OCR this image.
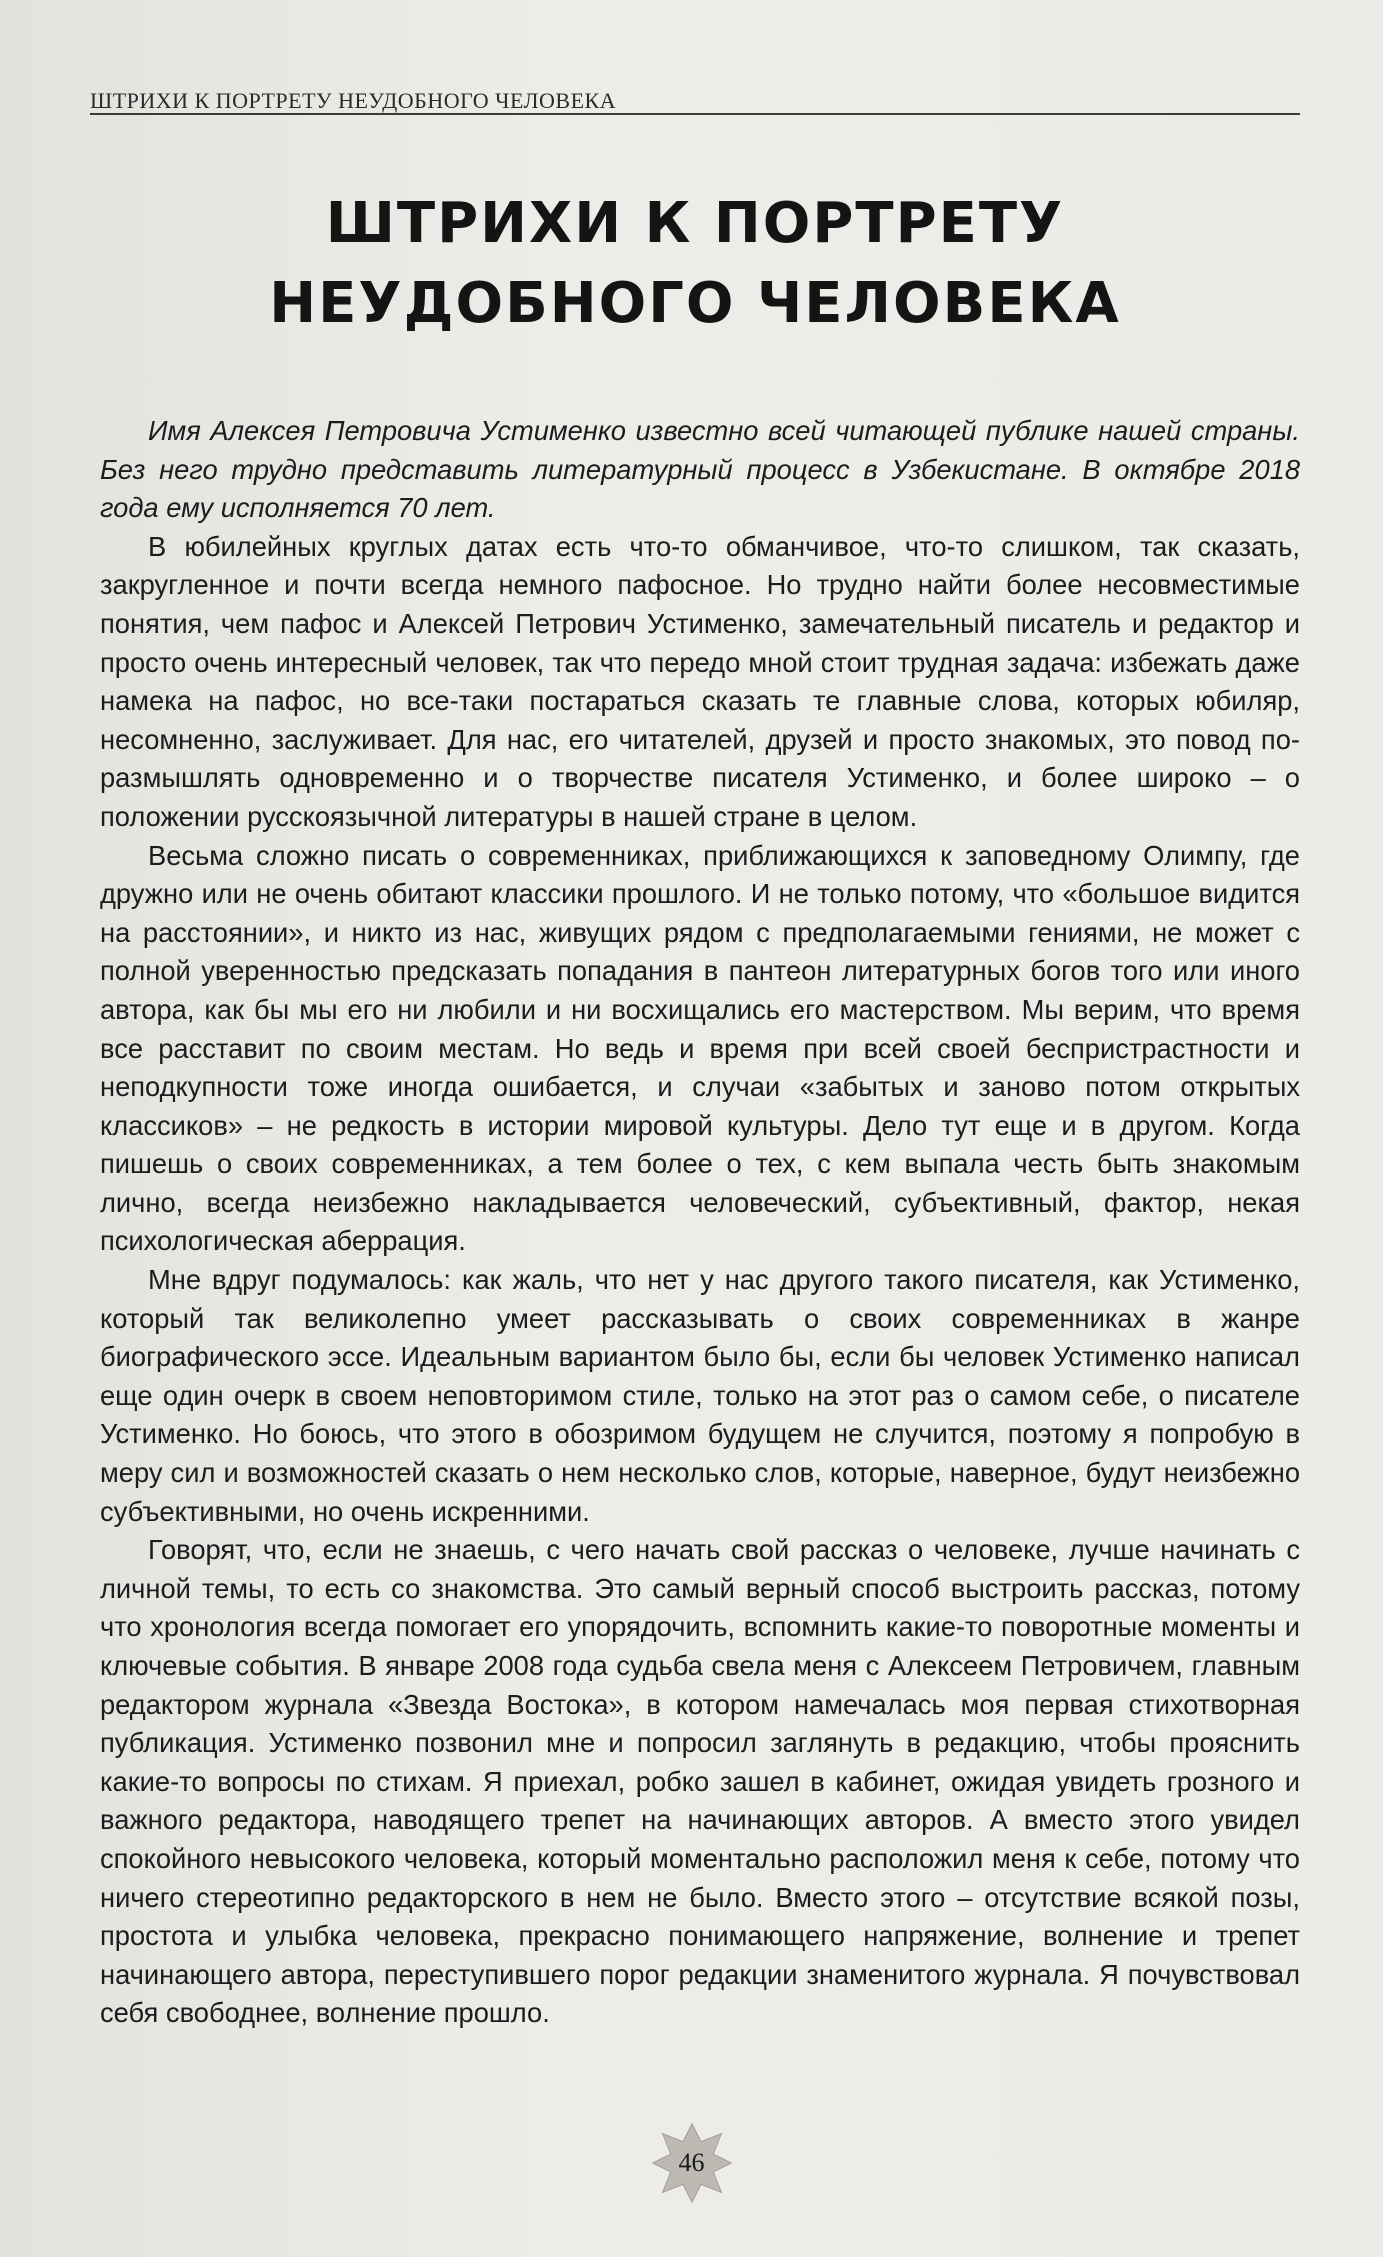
ШТРИХИ К ПОРТРЕТУ НЕУДОБНОГО ЧЕЛОВЕКА
ШТРИХИ К ПОРТРЕТУ
НЕУДОБНОГО ЧЕЛОВЕКА

Имя Алексея Петровича Устименко известно всей читающей публике нашей страны. Без него трудно представить литературный процесс в Узбекистане. В октябре 2018 года ему исполняется 70 лет.

В юбилейных круглых датах есть что-то обманчивое, что-то слишком, так сказать, закругленное и почти всегда немного пафосное. Но трудно найти более несовместимые понятия, чем пафос и Алексей Петрович Устименко, замечательный писатель и редактор и просто очень интересный человек, так что передо мной стоит трудная задача: избежать даже намека на пафос, но все-таки постараться сказать те главные слова, которых юбиляр, несомненно, заслуживает. Для нас, его читателей, друзей и просто знакомых, это повод поразмышлять одновременно и о творчестве писателя Устименко, и более широко – о положении русскоязычной литературы в нашей стране в целом.

Весьма сложно писать о современниках, приближающихся к заповедному Олимпу, где дружно или не очень обитают классики прошлого. И не только потому, что «большое видится на расстоянии», и никто из нас, живущих рядом с предполагаемыми гениями, не может с полной уверенностью предсказать попадания в пантеон литературных богов того или иного автора, как бы мы его ни любили и ни восхищались его мастерством. Мы верим, что время все расставит по своим местам. Но ведь и время при всей своей беспристрастности и неподкупности тоже иногда ошибается, и случаи «забытых и заново потом открытых классиков» – не редкость в истории мировой культуры. Дело тут еще и в другом. Когда пишешь о своих современниках, а тем более о тех, с кем выпала честь быть знакомым лично, всегда неизбежно накладывается человеческий, субъективный, фактор, некая психологическая аберрация.

Мне вдруг подумалось: как жаль, что нет у нас другого такого писателя, как Устименко, который так великолепно умеет рассказывать о своих современниках в жанре биографического эссе. Идеальным вариантом было бы, если бы человек Устименко написал еще один очерк в своем неповторимом стиле, только на этот раз о самом себе, о писателе Устименко. Но боюсь, что этого в обозримом будущем не случится, поэтому я попробую в меру сил и возможностей сказать о нем несколько слов, которые, наверное, будут неизбежно субъективными, но очень искренними.

Говорят, что, если не знаешь, с чего начать свой рассказ о человеке, лучше начинать с личной темы, то есть со знакомства. Это самый верный способ выстроить рассказ, потому что хронология всегда помогает его упорядочить, вспомнить какие-то поворотные моменты и ключевые события. В январе 2008 года судьба свела меня с Алексеем Петровичем, главным редактором журнала «Звезда Востока», в котором намечалась моя первая стихотворная публикация. Устименко позвонил мне и попросил заглянуть в редакцию, чтобы прояснить какие-то вопросы по стихам. Я приехал, робко зашел в кабинет, ожидая увидеть грозного и важного редактора, наводящего трепет на начинающих авторов. А вместо этого увидел спокойного невысокого человека, который моментально расположил меня к себе, потому что ничего стереотипно редакторского в нем не было. Вместо этого – отсутствие всякой позы, простота и улыбка человека, прекрасно понимающего напряжение, волнение и трепет начинающего автора, переступившего порог редакции знаменитого журнала. Я почувствовал себя свободнее, волнение прошло.

46
